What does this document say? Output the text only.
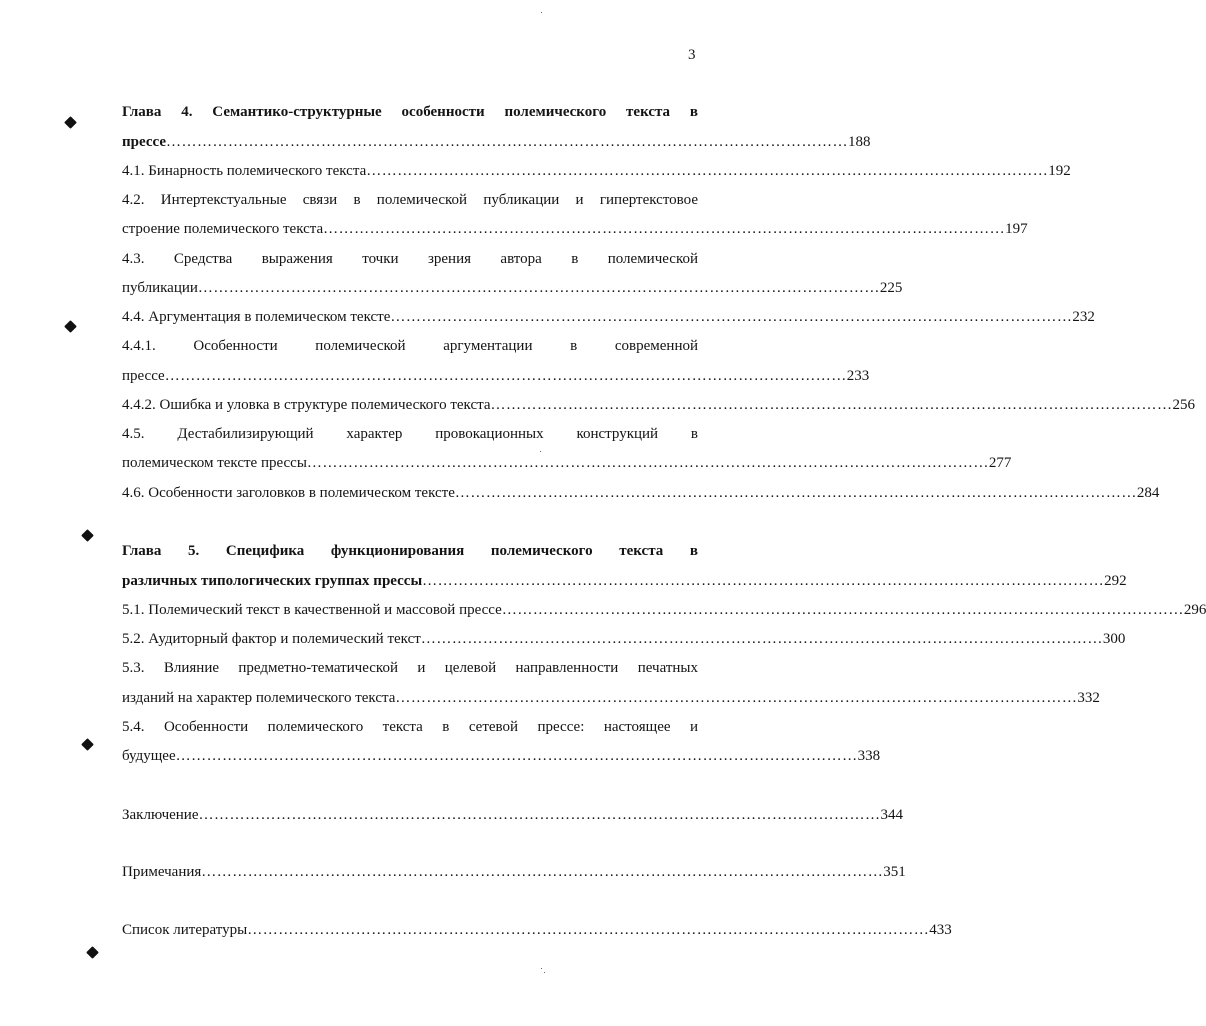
3
Глава 4. Семантико-структурные особенности полемического текста в
прессе …………………………………………………………………………………………………………………… 188
4.1. Бинарность полемического текста …………………………………………………………………………………………………………………… 192
4.2. Интертекстуальные связи в полемической публикации и гипертекстовое
строение полемического текста …………………………………………………………………………………………………………………… 197
4.3. Средства выражения точки зрения автора в полемической
публикации …………………………………………………………………………………………………………………… 225
4.4. Аргументация в полемическом тексте …………………………………………………………………………………………………………………… 232
4.4.1. Особенности полемической аргументации в современной
прессе …………………………………………………………………………………………………………………… 233
4.4.2. Ошибка и уловка в структуре полемического текста …………………………………………………………………………………………………………………… 256
4.5. Дестабилизирующий характер провокационных конструкций в
полемическом тексте прессы …………………………………………………………………………………………………………………… 277
4.6. Особенности заголовков в полемическом тексте …………………………………………………………………………………………………………………… 284
Глава 5. Специфика функционирования полемического текста в
различных типологических группах прессы …………………………………………………………………………………………………………………… 292
5.1. Полемический текст в качественной и массовой прессе …………………………………………………………………………………………………………………… 296
5.2. Аудиторный фактор и полемический текст …………………………………………………………………………………………………………………… 300
5.3. Влияние предметно-тематической и целевой направленности печатных
изданий на характер полемического текста …………………………………………………………………………………………………………………… 332
5.4. Особенности полемического текста в сетевой прессе: настоящее и
будущее …………………………………………………………………………………………………………………… 338
Заключение …………………………………………………………………………………………………………………… 344
Примечания …………………………………………………………………………………………………………………… 351
Список литературы …………………………………………………………………………………………………………………… 433
